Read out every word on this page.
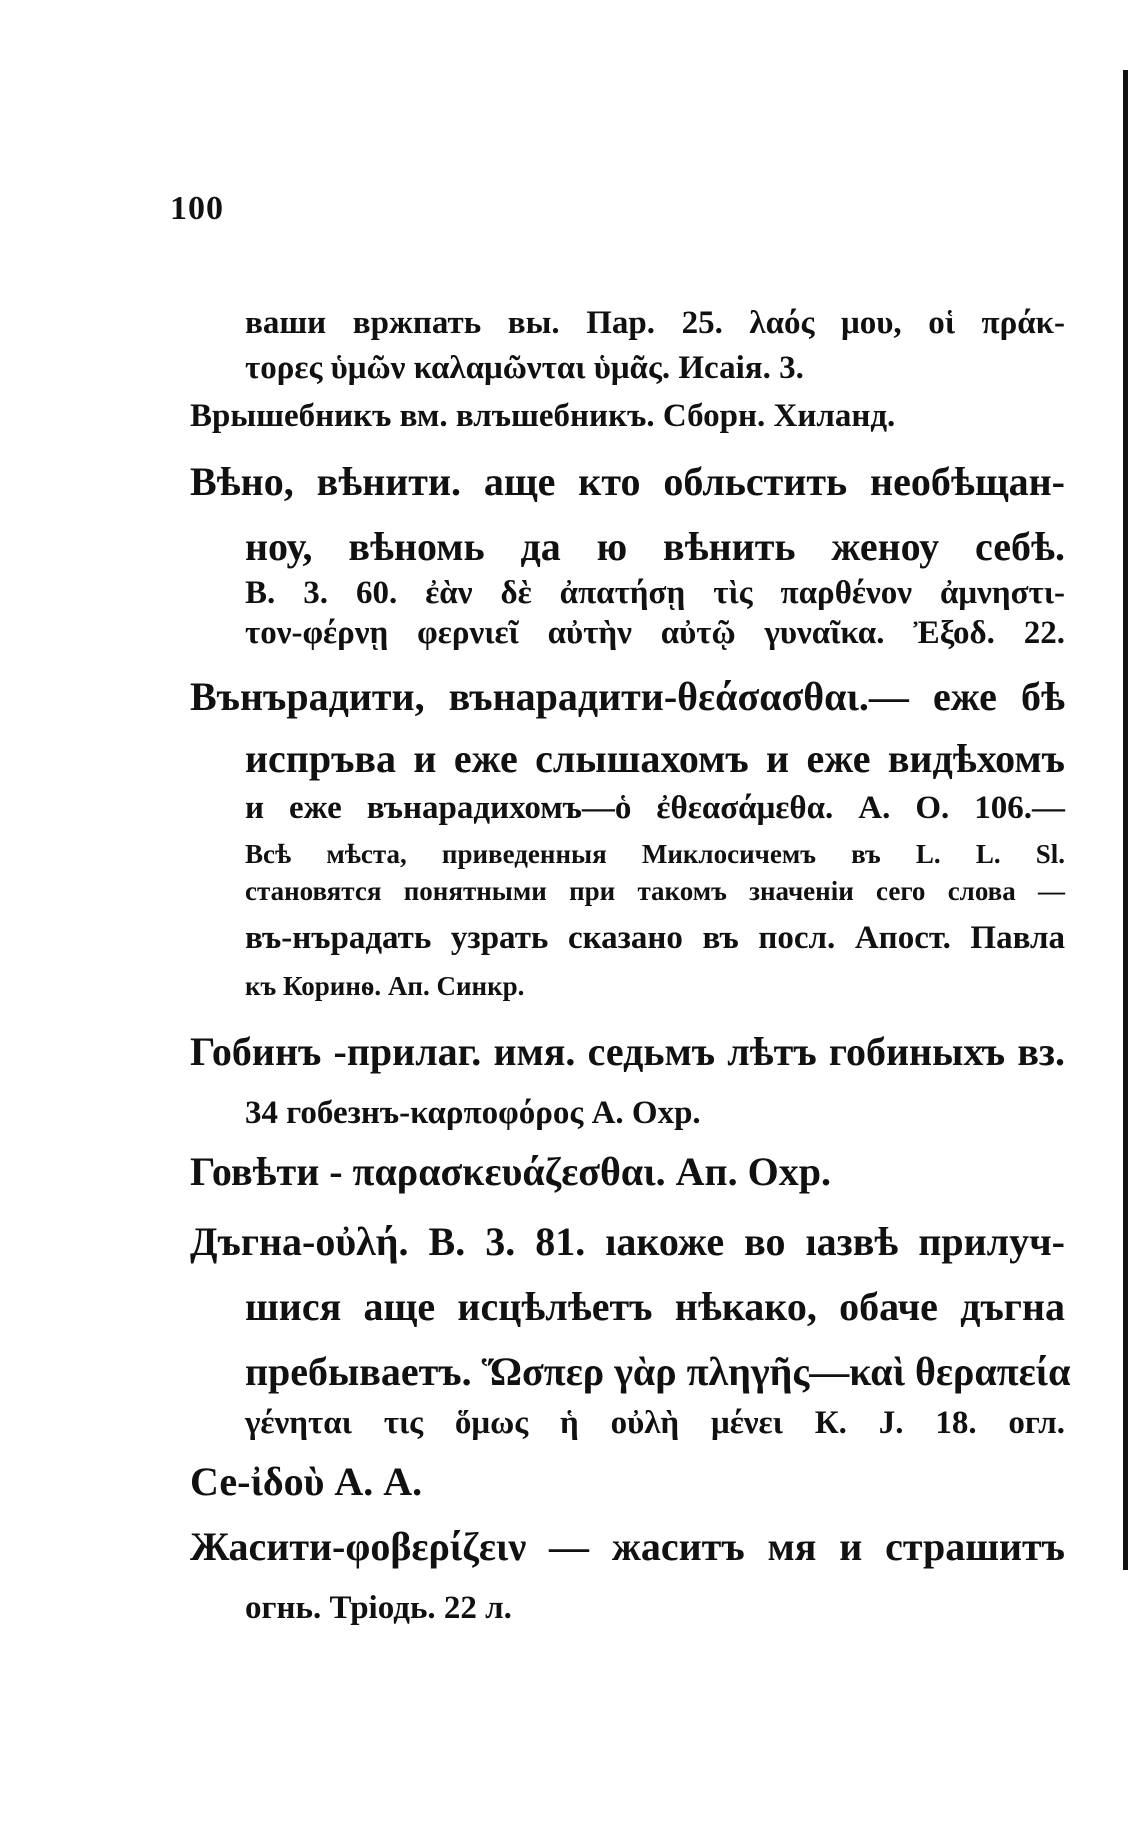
100
ваши вржпать вы. Пар. 25. λαός μου, οἱ πράκ-
τορες ὑμῶν καλαμῶνται ὑμᾶς. Исаія. 3.
Врышебникъ вм. влъшебникъ. Сборн. Хиланд.
Вѣно, вѣнити. аще кто обльстить необѣщан-
ноу, вѣномь да ю вѣнить женоу себѣ.
В. 3. 60. ἐὰν δὲ ἀπατήσῃ τὶς παρθένον ἀμνηστι-
τον-φέρνῃ φερνιεῖ αὐτὴν αὐτῷ γυναῖκα. Ἐξοδ. 22.
Вънърадити, вънарадити-θεάσασθαι.— еже бѣ
испръва и еже слышахомъ и еже видѣхомъ
и еже вънарадихомъ—ὁ ἐθεασάμεθα. А. О. 106.—
Всѣ мѣста, приведенныя Миклосичемъ въ L. L. Sl.
становятся понятными при такомъ значеніи сего слова —
въ-нърадать узрать сказано въ посл. Апост. Павла
къ Коринѳ. Ап. Синкр.
Гобинъ -прилаг. имя. седьмъ лѣтъ гобиныхъ вз.
34 гобезнъ-καρποφόρος А. Охр.
Говѣти - παρασκευάζεσθαι. Ап. Охр.
Дъгна-οὐλή. В. 3. 81. ıакоже во ıазвѣ прилуч-
шися аще исцѣлѣетъ нѣкако, обаче дъгна
пребываетъ. Ὥσπερ γὰρ πληγῆς—καὶ θεραπεία
γένηται τις ὅμως ἡ οὐλὴ μένει К. J. 18. огл.
Се-ἰδοὺ А. А.
Жасити-φοβερίζειν — жаситъ мя и страшитъ
огнь. Тріодь. 22 л.
